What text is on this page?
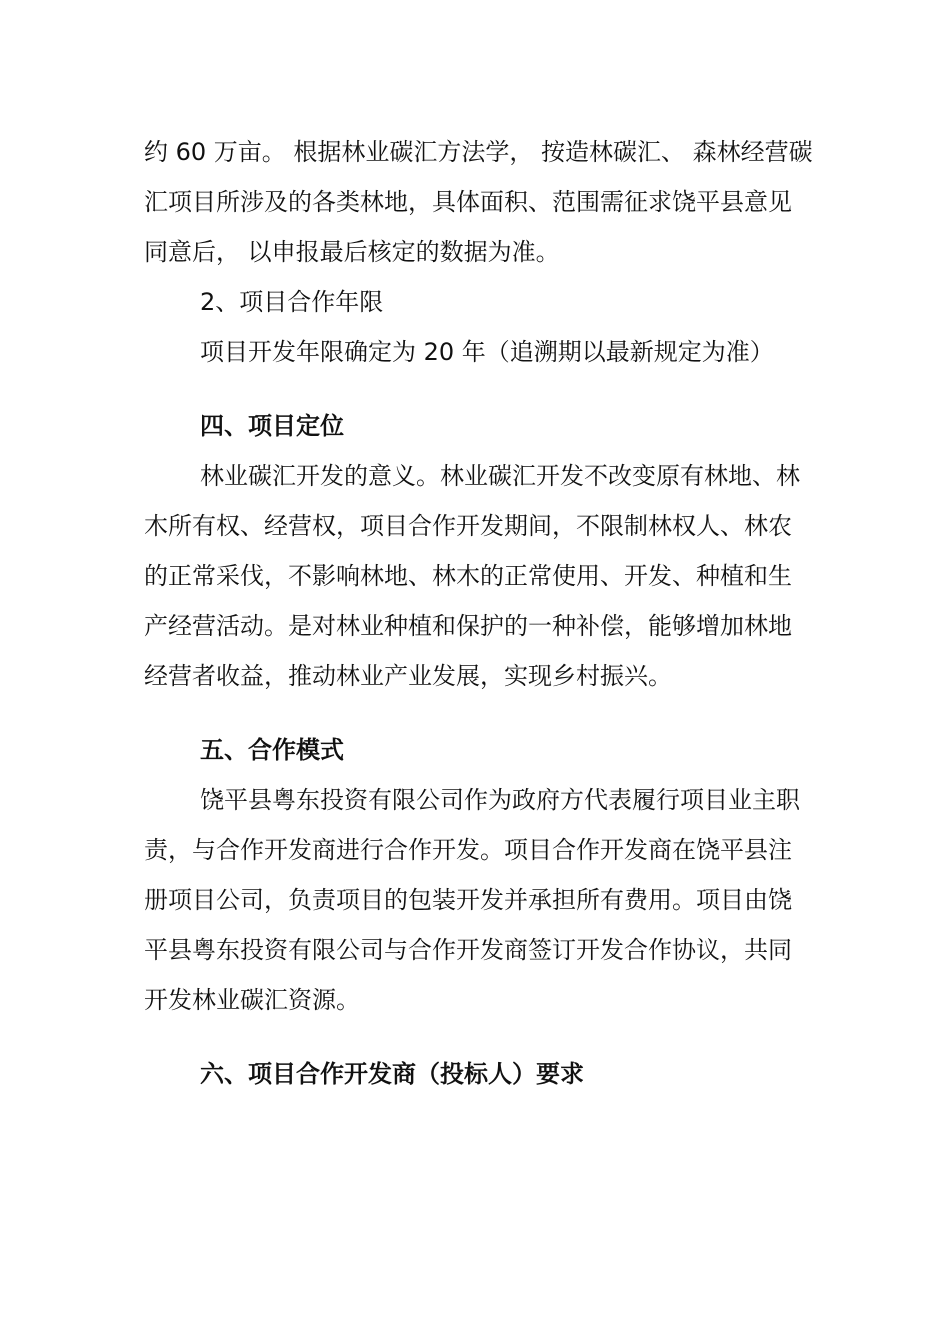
约 60 万亩。 根据林业碳汇方法学， 按造林碳汇、 森林经营碳
汇项目所涉及的各类林地，具体面积、范围需征求饶平县意见
同意后， 以申报最后核定的数据为准。
2、项目合作年限
项目开发年限确定为 20 年（追溯期以最新规定为准）
四、项目定位
林业碳汇开发的意义。林业碳汇开发不改变原有林地、林
木所有权、经营权，项目合作开发期间，不限制林权人、林农
的正常采伐，不影响林地、林木的正常使用、开发、种植和生
产经营活动。是对林业种植和保护的一种补偿，能够增加林地
经营者收益，推动林业产业发展，实现乡村振兴。
五、合作模式
饶平县粤东投资有限公司作为政府方代表履行项目业主职
责，与合作开发商进行合作开发。项目合作开发商在饶平县注
册项目公司，负责项目的包装开发并承担所有费用。项目由饶
平县粤东投资有限公司与合作开发商签订开发合作协议，共同
开发林业碳汇资源。
六、项目合作开发商（投标人）要求
